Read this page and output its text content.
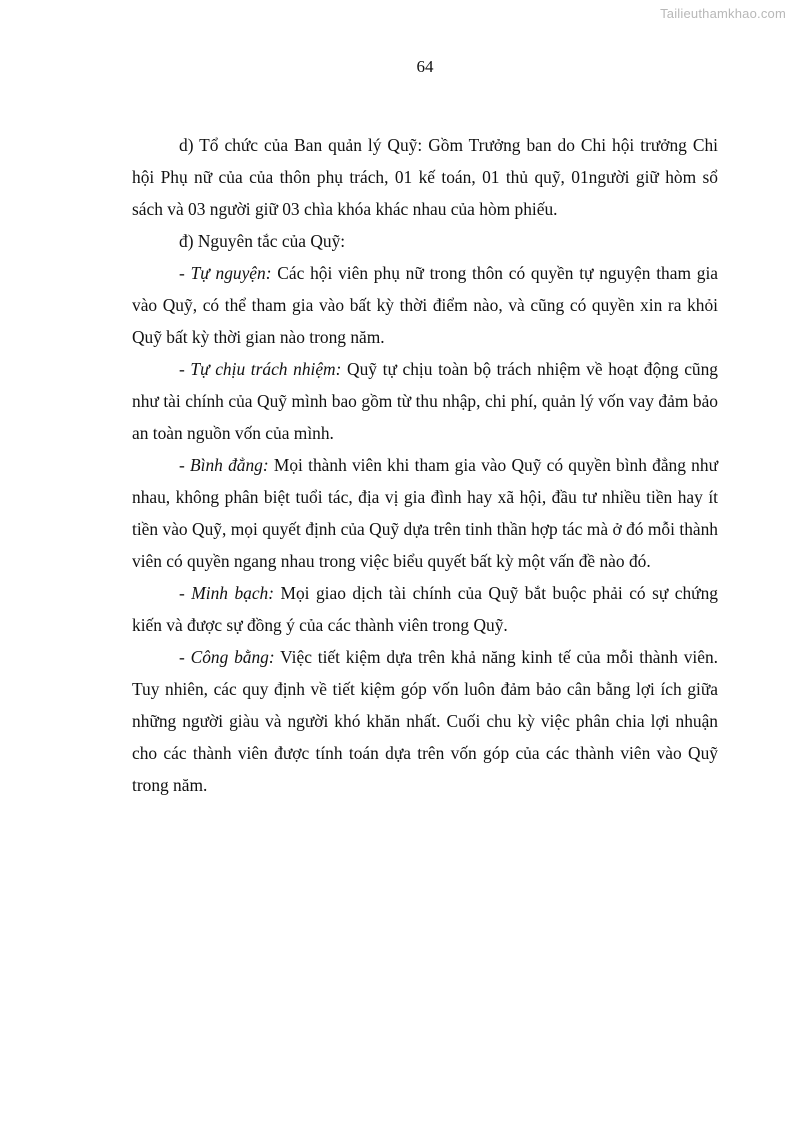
Tailieuthamkhao.com
64

d) Tổ chức của Ban quản lý Quỹ: Gồm Trưởng ban do Chi hội trưởng Chi hội Phụ nữ của của thôn phụ trách, 01 kế toán, 01 thủ quỹ, 01người giữ hòm sổ sách và 03 người giữ 03 chìa khóa khác nhau của hòm phiếu.

đ) Nguyên tắc của Quỹ:

- Tự nguyện: Các hội viên phụ nữ trong thôn có quyền tự nguyện tham gia vào Quỹ, có thể tham gia vào bất kỳ thời điểm nào, và cũng có quyền xin ra khỏi Quỹ bất kỳ thời gian nào trong năm.

- Tự chịu trách nhiệm: Quỹ tự chịu toàn bộ trách nhiệm về hoạt động cũng như tài chính của Quỹ mình bao gồm từ thu nhập, chi phí, quản lý vốn vay đảm bảo an toàn nguồn vốn của mình.

- Bình đẳng: Mọi thành viên khi tham gia vào Quỹ có quyền bình đẳng như nhau, không phân biệt tuổi tác, địa vị gia đình hay xã hội, đầu tư nhiều tiền hay ít tiền vào Quỹ, mọi quyết định của Quỹ dựa trên tinh thần hợp tác mà ở đó mỗi thành viên có quyền ngang nhau trong việc biểu quyết bất kỳ một vấn đề nào đó.

- Minh bạch: Mọi giao dịch tài chính của Quỹ bắt buộc phải có sự chứng kiến và được sự đồng ý của các thành viên trong Quỹ.

- Công bằng: Việc tiết kiệm dựa trên khả năng kinh tế của mỗi thành viên. Tuy nhiên, các quy định về tiết kiệm góp vốn luôn đảm bảo cân bằng lợi ích giữa những người giàu và người khó khăn nhất. Cuối chu kỳ việc phân chia lợi nhuận cho các thành viên được tính toán dựa trên vốn góp của các thành viên vào Quỹ trong năm.
